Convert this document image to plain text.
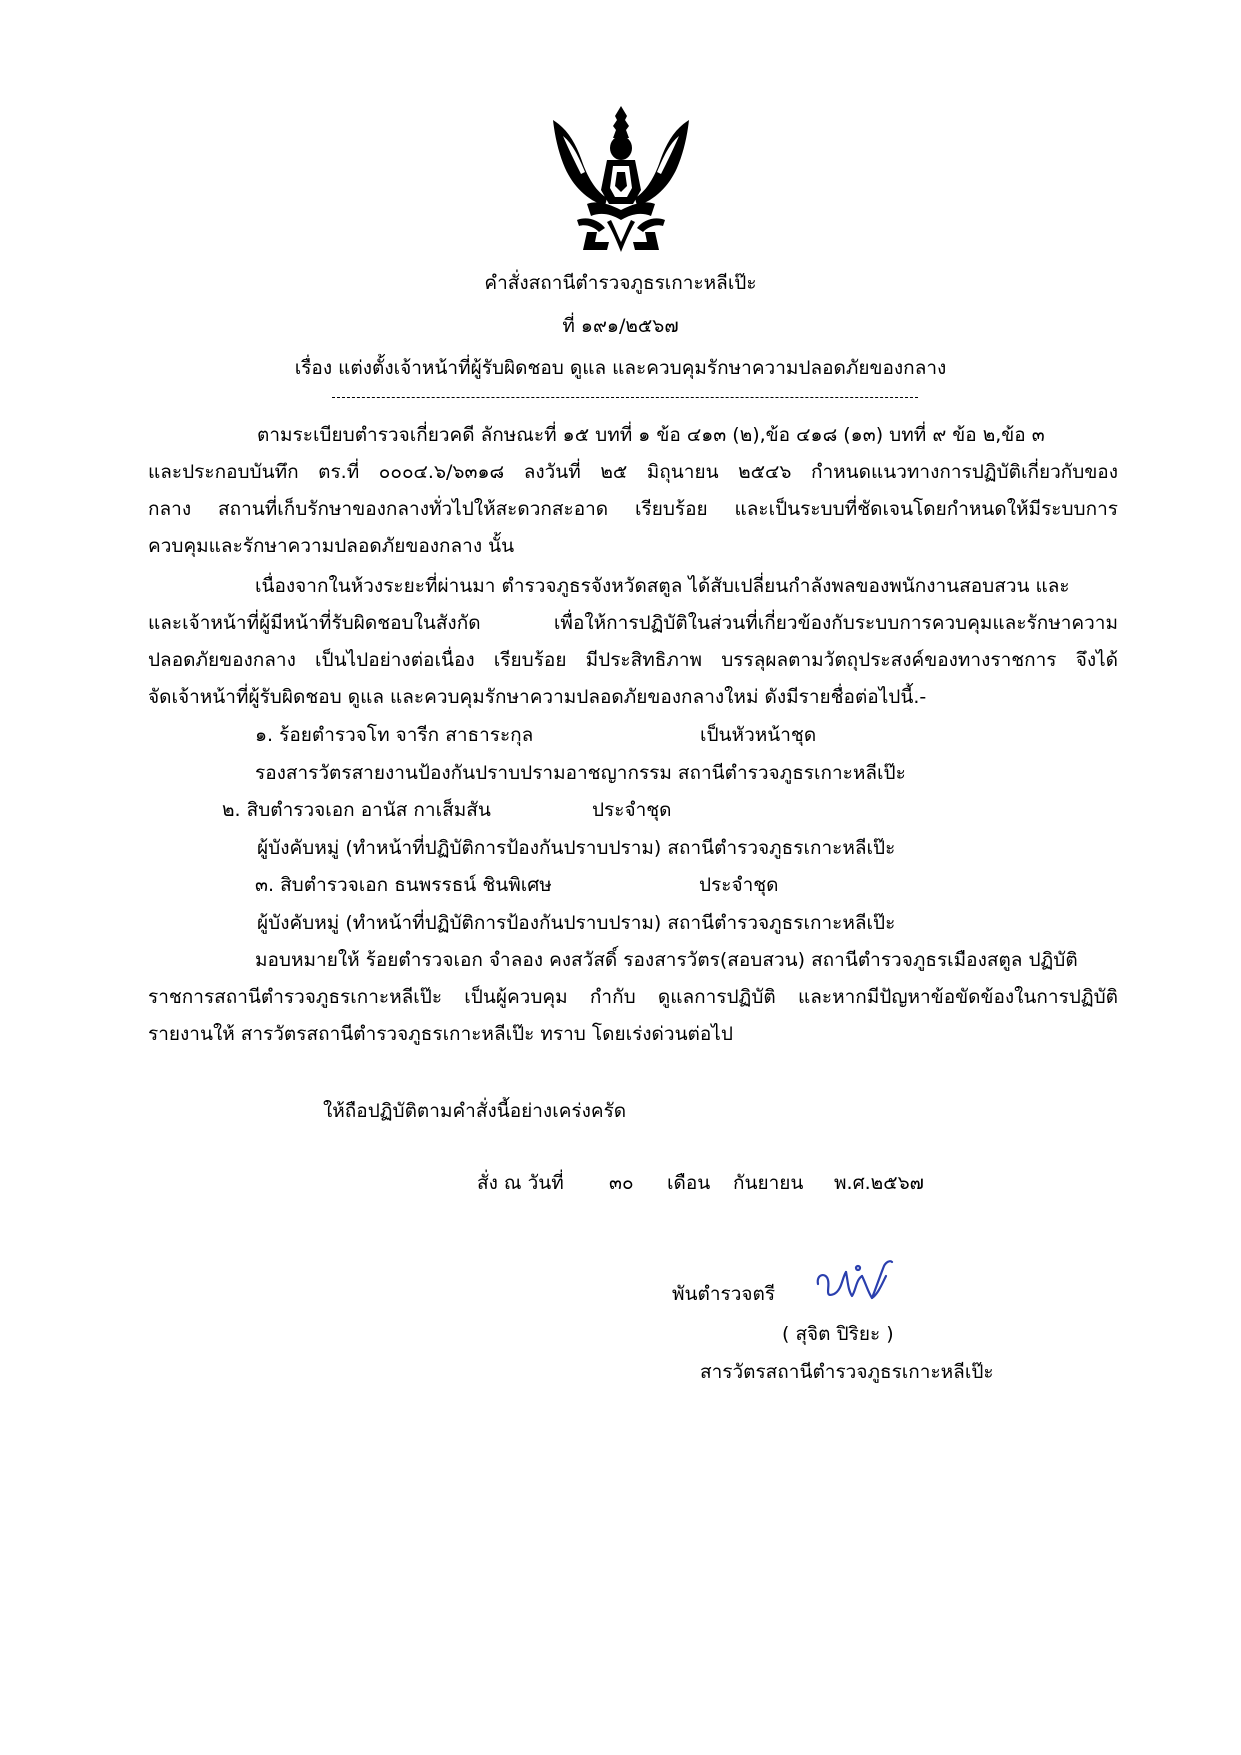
คำสั่งสถานีตำรวจภูธรเกาะหลีเป๊ะ
ที่ ๑๙๑/๒๕๖๗
เรื่อง แต่งตั้งเจ้าหน้าที่ผู้รับผิดชอบ ดูแล และควบคุมรักษาความปลอดภัยของกลาง
ตามระเบียบตำรวจเกี่ยวคดี ลักษณะที่ ๑๕ บทที่ ๑ ข้อ ๔๑๓ (๒),ข้อ ๔๑๘ (๑๓) บทที่ ๙ ข้อ ๒,ข้อ ๓
และประกอบบันทึก ตร.ที่ ๐๐๐๔.๖/๖๓๑๘ ลงวันที่ ๒๕ มิถุนายน ๒๕๔๖ กำหนดแนวทางการปฏิบัติเกี่ยวกับของ
กลาง สถานที่เก็บรักษาของกลางทั่วไปให้สะดวกสะอาด เรียบร้อย และเป็นระบบที่ชัดเจนโดยกำหนดให้มีระบบการ
ควบคุมและรักษาความปลอดภัยของกลาง นั้น
เนื่องจากในห้วงระยะที่ผ่านมา ตำรวจภูธรจังหวัดสตูล ได้สับเปลี่ยนกำลังพลของพนักงานสอบสวน และ
และเจ้าหน้าที่ผู้มีหน้าที่รับผิดชอบในสังกัด เพื่อให้การปฏิบัติในส่วนที่เกี่ยวข้องกับระบบการควบคุมและรักษาความ
ปลอดภัยของกลาง เป็นไปอย่างต่อเนื่อง เรียบร้อย มีประสิทธิภาพ บรรลุผลตามวัตถุประสงค์ของทางราชการ จึงได้
จัดเจ้าหน้าที่ผู้รับผิดชอบ ดูแล และควบคุมรักษาความปลอดภัยของกลางใหม่ ดังมีรายชื่อต่อไปนี้.-
๑. ร้อยตำรวจโท จารีก สาธาระกุล	เป็นหัวหน้าชุด
รองสารวัตรสายงานป้องกันปราบปรามอาชญากรรม สถานีตำรวจภูธรเกาะหลีเป๊ะ
๒. สิบตำรวจเอก อานัส กาเส็มสัน	ประจำชุด
ผู้บังคับหมู่ (ทำหน้าที่ปฏิบัติการป้องกันปราบปราม) สถานีตำรวจภูธรเกาะหลีเป๊ะ
๓. สิบตำรวจเอก ธนพรรธน์ ชินพิเศษ	ประจำชุด
ผู้บังคับหมู่ (ทำหน้าที่ปฏิบัติการป้องกันปราบปราม) สถานีตำรวจภูธรเกาะหลีเป๊ะ
มอบหมายให้ ร้อยตำรวจเอก จำลอง คงสวัสดิ์ รองสารวัตร(สอบสวน) สถานีตำรวจภูธรเมืองสตูล ปฏิบัติ
ราชการสถานีตำรวจภูธรเกาะหลีเป๊ะ เป็นผู้ควบคุม กำกับ ดูแลการปฏิบัติ และหากมีปัญหาข้อขัดข้องในการปฏิบัติ
รายงานให้ สารวัตรสถานีตำรวจภูธรเกาะหลีเป๊ะ ทราบ โดยเร่งด่วนต่อไป
ให้ถือปฏิบัติตามคำสั่งนี้อย่างเคร่งครัด
สั่ง ณ วันที่ ๓๐ เดือน กันยายน พ.ศ.๒๕๖๗
พันตำรวจตรี
( สุจิต ปิริยะ )
สารวัตรสถานีตำรวจภูธรเกาะหลีเป๊ะ
